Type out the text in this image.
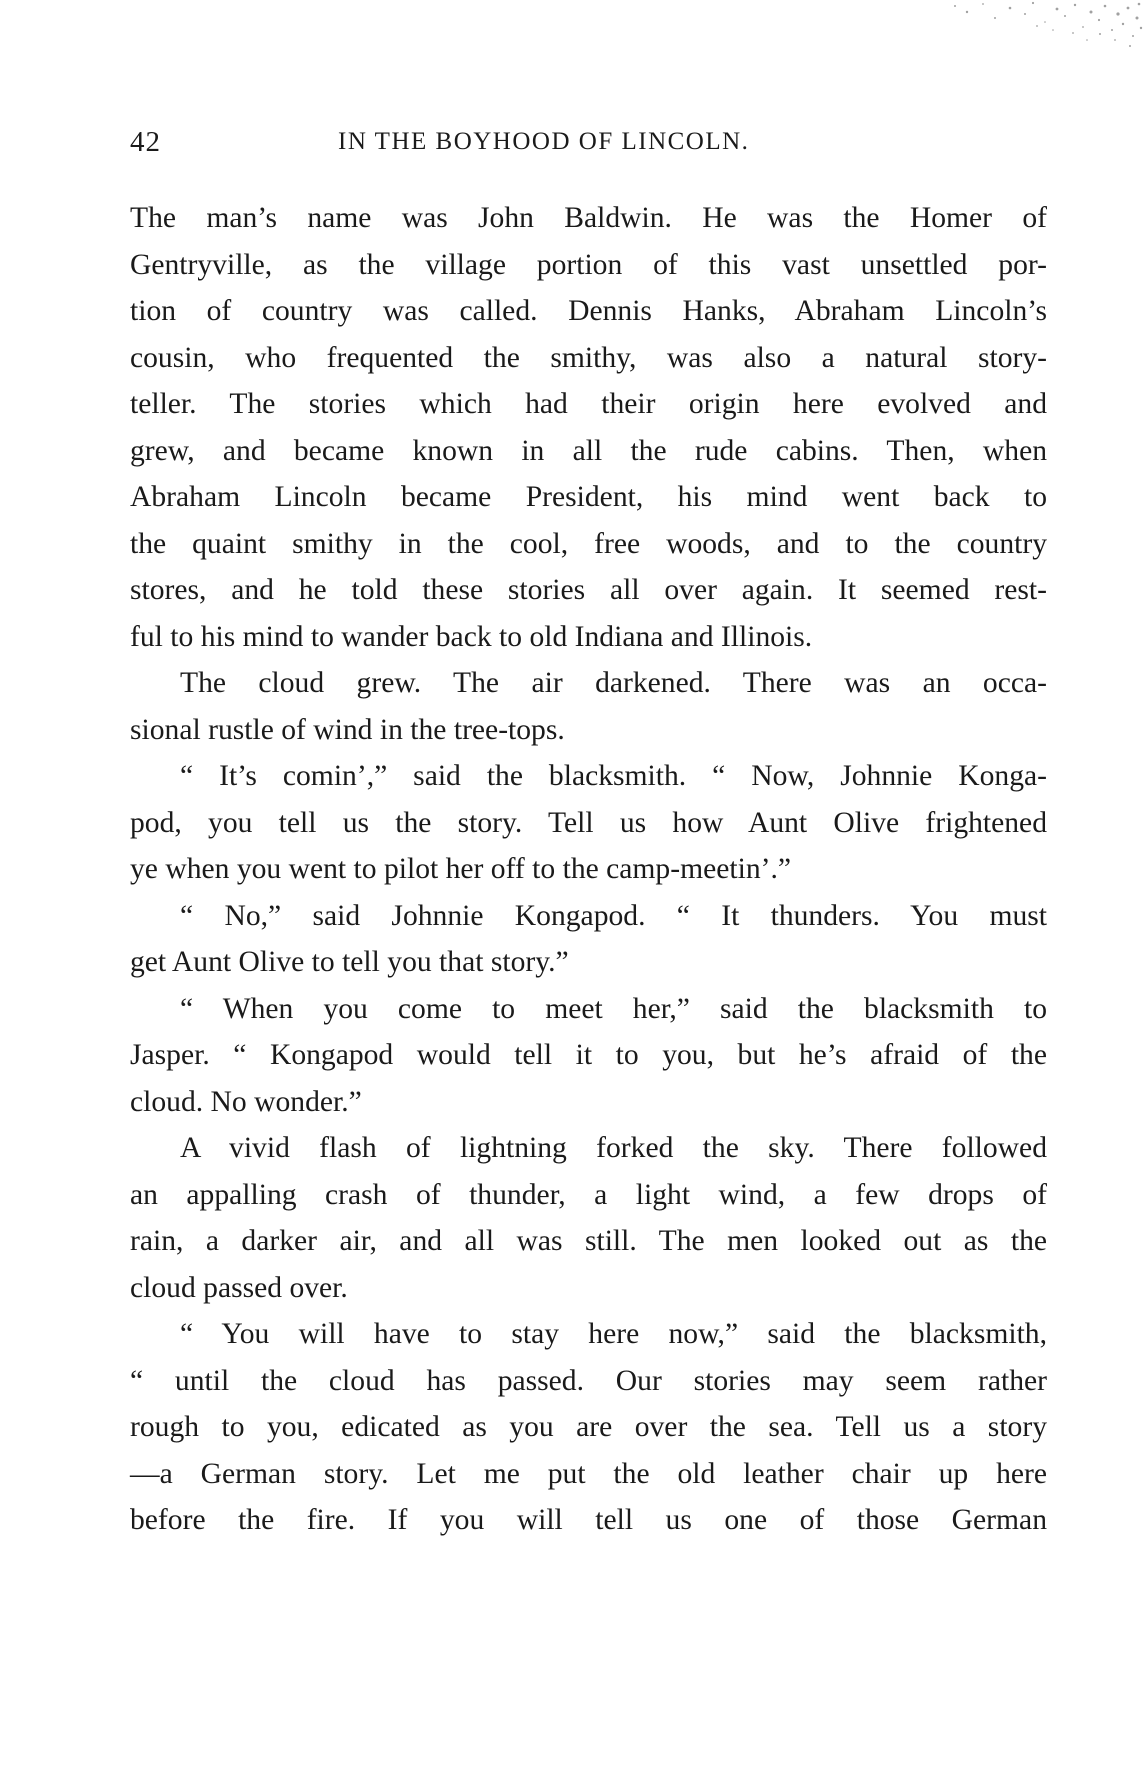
42	IN THE BOYHOOD OF LINCOLN.
The man’s name was John Baldwin. He was the Homer of
Gentryville, as the village portion of this vast unsettled por-
tion of country was called. Dennis Hanks, Abraham Lincoln’s
cousin, who frequented the smithy, was also a natural story-
teller. The stories which had their origin here evolved and
grew, and became known in all the rude cabins. Then, when
Abraham Lincoln became President, his mind went back to
the quaint smithy in the cool, free woods, and to the country
stores, and he told these stories all over again. It seemed rest-
ful to his mind to wander back to old Indiana and Illinois.
The cloud grew. The air darkened. There was an occa-
sional rustle of wind in the tree-tops.
“ It’s comin’,” said the blacksmith. “ Now, Johnnie Konga-
pod, you tell us the story. Tell us how Aunt Olive frightened
ye when you went to pilot her off to the camp-meetin’.”
“ No,” said Johnnie Kongapod. “ It thunders. You must
get Aunt Olive to tell you that story.”
“ When you come to meet her,” said the blacksmith to
Jasper. “ Kongapod would tell it to you, but he’s afraid of the
cloud. No wonder.”
A vivid flash of lightning forked the sky. There followed
an appalling crash of thunder, a light wind, a few drops of
rain, a darker air, and all was still. The men looked out as the
cloud passed over.
“ You will have to stay here now,” said the blacksmith,
“ until the cloud has passed. Our stories may seem rather
rough to you, edicated as you are over the sea. Tell us a story
—a German story. Let me put the old leather chair up here
before the fire. If you will tell us one of those German
